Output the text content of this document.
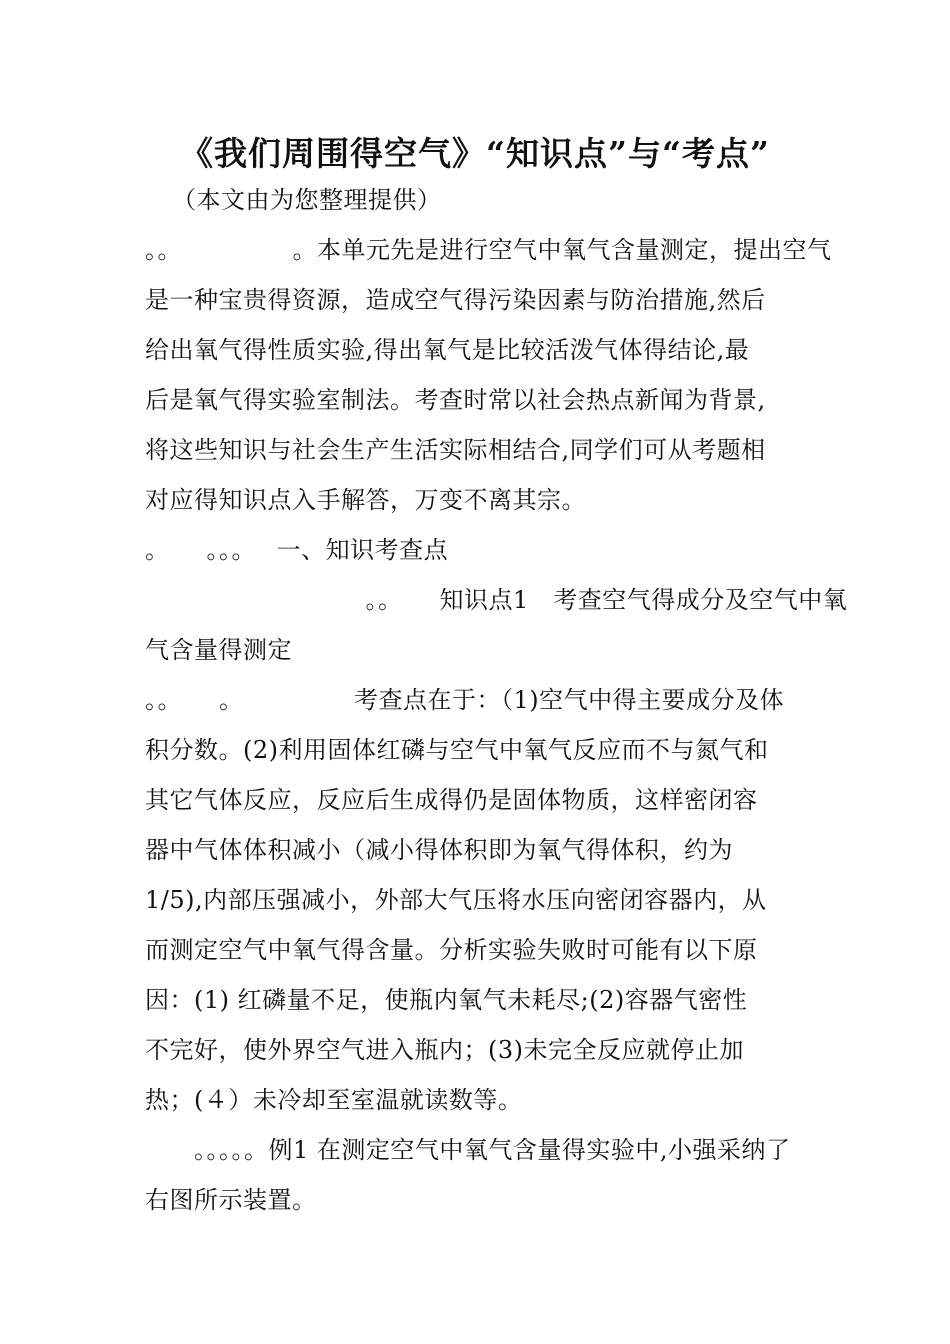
《我们周围得空气》“知识点”与“考点”
（本文由为您整理提供）
。。　　　　　。本单元先是进行空气中氧气含量测定，提出空气
是一种宝贵得资源，造成空气得污染因素与防治措施,然后
给出氧气得性质实验,得出氧气是比较活泼气体得结论,最
后是氧气得实验室制法。考查时常以社会热点新闻为背景,
将这些知识与社会生产生活实际相结合,同学们可从考题相
对应得知识点入手解答，万变不离其宗。
。　　。。。　 一、知识考查点
　　　　　　　　　。。　　知识点1　考查空气得成分及空气中氧
气含量得测定
。。　　。　　　　　考查点在于：（1)空气中得主要成分及体
积分数。(2)利用固体红磷与空气中氧气反应而不与氮气和
其它气体反应，反应后生成得仍是固体物质，这样密闭容
器中气体体积减小（减小得体积即为氧气得体积，约为
1/5),内部压强减小，外部大气压将水压向密闭容器内，从
而测定空气中氧气得含量。分析实验失败时可能有以下原
因：(1) 红磷量不足，使瓶内氧气未耗尽;(2)容器气密性
不完好，使外界空气进入瓶内；(3)未完全反应就停止加
热；(４）未冷却至室温就读数等。
　　。。。。。例1 在测定空气中氧气含量得实验中,小强采纳了
右图所示装置。
